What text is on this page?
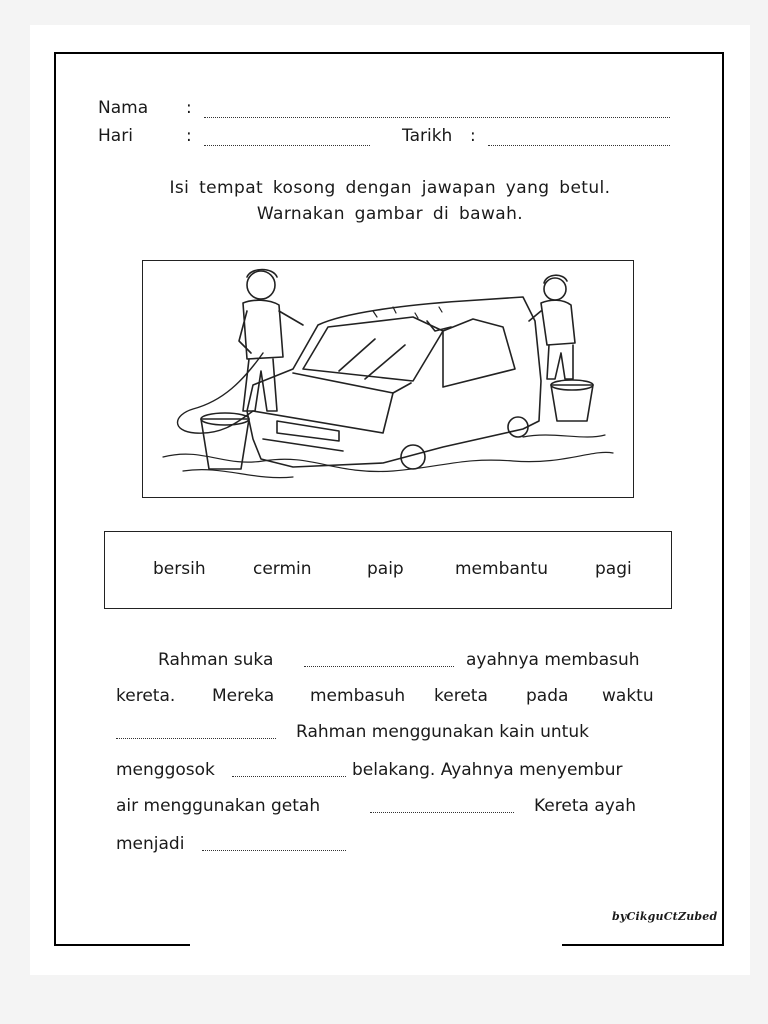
Nama :
Hari	:	Tarikh :
Isi tempat kosong dengan jawapan yang betul.
Warnakan gambar di bawah.
bersih	cermin	paip	membantu	pagi
Rahman suka	ayahnya membasuh
kereta. Mereka membasuh kereta pada waktu
Rahman menggunakan kain untuk
menggosok	belakang. Ayahnya menyembur
air menggunakan getah	Kereta ayah
menjadi
byCikguCtZubed
